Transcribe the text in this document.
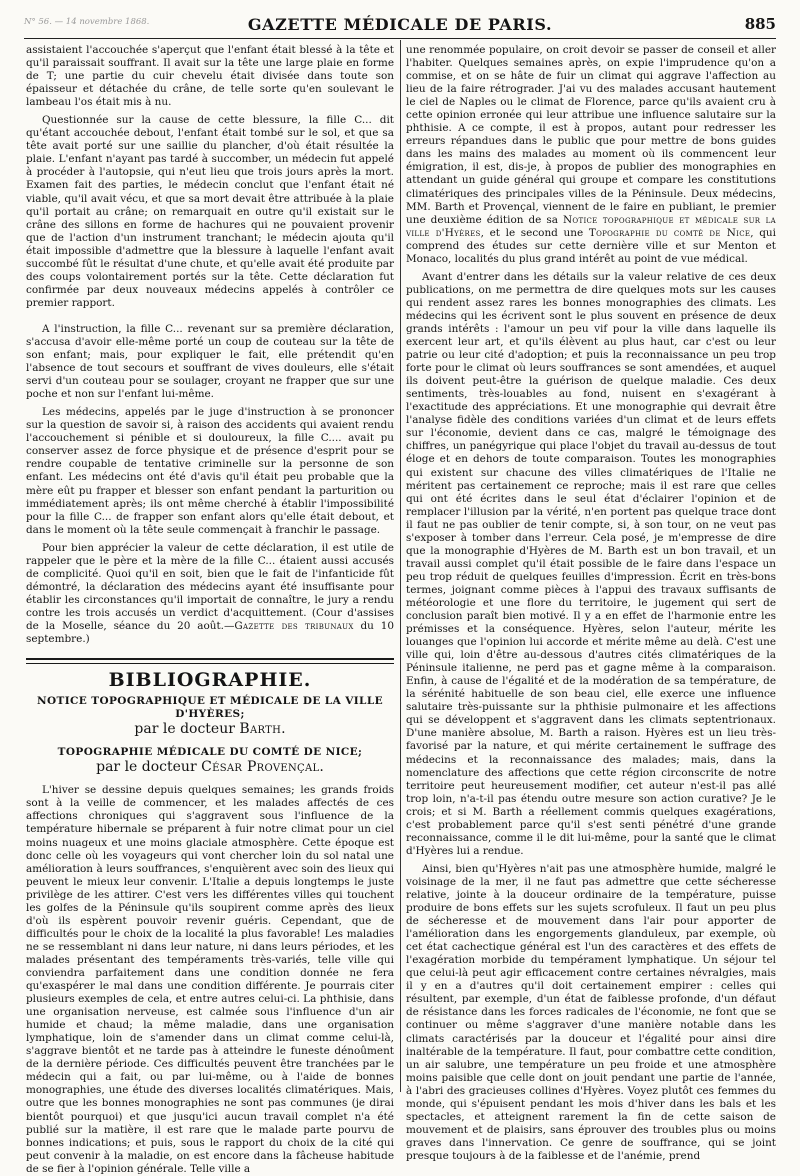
N° 56. — 14 novembre 1868.	GAZETTE MÉDICALE DE PARIS.	885

assistaient l'accouchée s'aperçut que l'enfant était blessé à la tête et qu'il paraissait souffrant. Il avait sur la tête une large plaie en forme de T; une partie du cuir chevelu était divisée dans toute son épaisseur et détachée du crâne, de telle sorte qu'en soulevant le lambeau l'os était mis à nu.

Questionnée sur la cause de cette blessure, la fille C... dit qu'étant accouchée debout, l'enfant était tombé sur le sol, et que sa tête avait porté sur une saillie du plancher, d'où était résultée la plaie. L'enfant n'ayant pas tardé à succomber, un médecin fut appelé à procéder à l'autopsie, qui n'eut lieu que trois jours après la mort. Examen fait des parties, le médecin conclut que l'enfant était né viable, qu'il avait vécu, et que sa mort devait être attribuée à la plaie qu'il portait au crâne; on remarquait en outre qu'il existait sur le crâne des sillons en forme de hachures qui ne pouvaient provenir que de l'action d'un instrument tranchant; le médecin ajouta qu'il était impossible d'admettre que la blessure à laquelle l'enfant avait succombé fût le résultat d'une chute, et qu'elle avait été produite par des coups volontairement portés sur la tête. Cette déclaration fut confirmée par deux nouveaux médecins appelés à contrôler ce premier rapport.

A l'instruction, la fille C... revenant sur sa première déclaration, s'accusa d'avoir elle-même porté un coup de couteau sur la tête de son enfant; mais, pour expliquer le fait, elle prétendit qu'en l'absence de tout secours et souffrant de vives douleurs, elle s'était servi d'un couteau pour se soulager, croyant ne frapper que sur une poche et non sur l'enfant lui-même.

Les médecins, appelés par le juge d'instruction à se prononcer sur la question de savoir si, à raison des accidents qui avaient rendu l'accouchement si pénible et si douloureux, la fille C.... avait pu conserver assez de force physique et de présence d'esprit pour se rendre coupable de tentative criminelle sur la personne de son enfant. Les médecins ont été d'avis qu'il était peu probable que la mère eût pu frapper et blesser son enfant pendant la parturition ou immédiatement après; ils ont même cherché à établir l'impossibilité pour la fille C... de frapper son enfant alors qu'elle était debout, et dans le moment où la tête seule commençait à franchir le passage.

Pour bien apprécier la valeur de cette déclaration, il est utile de rappeler que le père et la mère de la fille C... étaient aussi accusés de complicité. Quoi qu'il en soit, bien que le fait de l'infanticide fût démontré, la déclaration des médecins ayant été insuffisante pour établir les circonstances qu'il importait de connaître, le jury a rendu contre les trois accusés un verdict d'acquittement. (Cour d'assises de la Moselle, séance du 20 août.—Gazette des tribunaux du 10 septembre.)

BIBLIOGRAPHIE.
NOTICE TOPOGRAPHIQUE ET MÉDICALE DE LA VILLE D'HYÈRES;
par le docteur Barth.
TOPOGRAPHIE MÉDICALE DU COMTÉ DE NICE;
par le docteur César Provençal.

L'hiver se dessine depuis quelques semaines; les grands froids sont à la veille de commencer, et les malades affectés de ces affections chroniques qui s'aggravent sous l'influence de la température hibernale se préparent à fuir notre climat pour un ciel moins nuageux et une moins glaciale atmosphère. Cette époque est donc celle où les voyageurs qui vont chercher loin du sol natal une amélioration à leurs souffrances, s'enquièrent avec soin des lieux qui peuvent le mieux leur convenir. L'Italie a depuis longtemps le juste privilège de les attirer. C'est vers les différentes villes qui touchent les golfes de la Péninsule qu'ils soupirent comme après des lieux d'où ils espèrent pouvoir revenir guéris. Cependant, que de difficultés pour le choix de la localité la plus favorable! Les maladies ne se ressemblant ni dans leur nature, ni dans leurs périodes, et les malades présentant des tempéraments très-variés, telle ville qui conviendra parfaitement dans une condition donnée ne fera qu'exaspérer le mal dans une condition différente. Je pourrais citer plusieurs exemples de cela, et entre autres celui-ci. La phthisie, dans une organisation nerveuse, est calmée sous l'influence d'un air humide et chaud; la même maladie, dans une organisation lymphatique, loin de s'amender dans un climat comme celui-là, s'aggrave bientôt et ne tarde pas à atteindre le funeste dénoûment de la dernière période. Ces difficultés peuvent être tranchées par le médecin qui a fait, ou par lui-même, ou à l'aide de bonnes monographies, une étude des diverses localités climatériques. Mais, outre que les bonnes monographies ne sont pas communes (je dirai bientôt pourquoi) et que jusqu'ici aucun travail complet n'a été publié sur la matière, il est rare que le malade parte pourvu de bonnes indications; et puis, sous le rapport du choix de la cité qui peut convenir à la maladie, on est encore dans la fâcheuse habitude de se fier à l'opinion générale. Telle ville a

une renommée populaire, on croit devoir se passer de conseil et aller l'habiter. Quelques semaines après, on expie l'imprudence qu'on a commise, et on se hâte de fuir un climat qui aggrave l'affection au lieu de la faire rétrograder. J'ai vu des malades accusant hautement le ciel de Naples ou le climat de Florence, parce qu'ils avaient cru à cette opinion erronée qui leur attribue une influence salutaire sur la phthisie. A ce compte, il est à propos, autant pour redresser les erreurs répandues dans le public que pour mettre de bons guides dans les mains des malades au moment où ils commencent leur émigration, il est, dis-je, à propos de publier des monographies en attendant un guide général qui groupe et compare les constitutions climatériques des principales villes de la Péninsule. Deux médecins, MM. Barth et Provençal, viennent de le faire en publiant, le premier une deuxième édition de sa Notice topographique et médicale sur la ville d'Hyères, et le second une Topographie du comté de Nice, qui comprend des études sur cette dernière ville et sur Menton et Monaco, localités du plus grand intérêt au point de vue médical.

Avant d'entrer dans les détails sur la valeur relative de ces deux publications, on me permettra de dire quelques mots sur les causes qui rendent assez rares les bonnes monographies des climats. Les médecins qui les écrivent sont le plus souvent en présence de deux grands intérêts : l'amour un peu vif pour la ville dans laquelle ils exercent leur art, et qu'ils élèvent au plus haut, car c'est ou leur patrie ou leur cité d'adoption; et puis la reconnaissance un peu trop forte pour le climat où leurs souffrances se sont amendées, et auquel ils doivent peut-être la guérison de quelque maladie. Ces deux sentiments, très-louables au fond, nuisent en s'exagérant à l'exactitude des appréciations. Et une monographie qui devrait être l'analyse fidèle des conditions variées d'un climat et de leurs effets sur l'économie, devient dans ce cas, malgré le témoignage des chiffres, un panégyrique qui place l'objet du travail au-dessus de tout éloge et en dehors de toute comparaison. Toutes les monographies qui existent sur chacune des villes climatériques de l'Italie ne méritent pas certainement ce reproche; mais il est rare que celles qui ont été écrites dans le seul état d'éclairer l'opinion et de remplacer l'illusion par la vérité, n'en portent pas quelque trace dont il faut ne pas oublier de tenir compte, si, à son tour, on ne veut pas s'exposer à tomber dans l'erreur. Cela posé, je m'empresse de dire que la monographie d'Hyères de M. Barth est un bon travail, et un travail aussi complet qu'il était possible de le faire dans l'espace un peu trop réduit de quelques feuilles d'impression. Écrit en très-bons termes, joignant comme pièces à l'appui des travaux suffisants de météorologie et une flore du territoire, le jugement qui sert de conclusion paraît bien motivé. Il y a en effet de l'harmonie entre les prémisses et la conséquence. Hyères, selon l'auteur, mérite les louanges que l'opinion lui accorde et mérite même au delà. C'est une ville qui, loin d'être au-dessous d'autres cités climatériques de la Péninsule italienne, ne perd pas et gagne même à la comparaison. Enfin, à cause de l'égalité et de la modération de sa température, de la sérénité habituelle de son beau ciel, elle exerce une influence salutaire très-puissante sur la phthisie pulmonaire et les affections qui se développent et s'aggravent dans les climats septentrionaux. D'une manière absolue, M. Barth a raison. Hyères est un lieu très-favorisé par la nature, et qui mérite certainement le suffrage des médecins et la reconnaissance des malades; mais, dans la nomenclature des affections que cette région circonscrite de notre territoire peut heureusement modifier, cet auteur n'est-il pas allé trop loin, n'a-t-il pas étendu outre mesure son action curative? Je le crois; et si M. Barth a réellement commis quelques exagérations, c'est probablement parce qu'il s'est senti pénétré d'une grande reconnaissance, comme il le dit lui-même, pour la santé que le climat d'Hyères lui a rendue.

Ainsi, bien qu'Hyères n'ait pas une atmosphère humide, malgré le voisinage de la mer, il ne faut pas admettre que cette sécheresse relative, jointe à la douceur ordinaire de la température, puisse produire de bons effets sur les sujets scrofuleux. Il faut un peu plus de sécheresse et de mouvement dans l'air pour apporter de l'amélioration dans les engorgements glanduleux, par exemple, où cet état cachectique général est l'un des caractères et des effets de l'exagération morbide du tempérament lymphatique. Un séjour tel que celui-là peut agir efficacement contre certaines névralgies, mais il y en a d'autres qu'il doit certainement empirer : celles qui résultent, par exemple, d'un état de faiblesse profonde, d'un défaut de résistance dans les forces radicales de l'économie, ne font que se continuer ou même s'aggraver d'une manière notable dans les climats caractérisés par la douceur et l'égalité pour ainsi dire inaltérable de la température. Il faut, pour combattre cette condition, un air salubre, une température un peu froide et une atmosphère moins paisible que celle dont on jouit pendant une partie de l'année, à l'abri des gracieuses collines d'Hyères. Voyez plutôt ces femmes du monde, qui s'épuisent pendant les mois d'hiver dans les bals et les spectacles, et atteignent rarement la fin de cette saison de mouvement et de plaisirs, sans éprouver des troubles plus ou moins graves dans l'innervation. Ce genre de souffrance, qui se joint presque toujours à de la faiblesse et de l'anémie, prend
